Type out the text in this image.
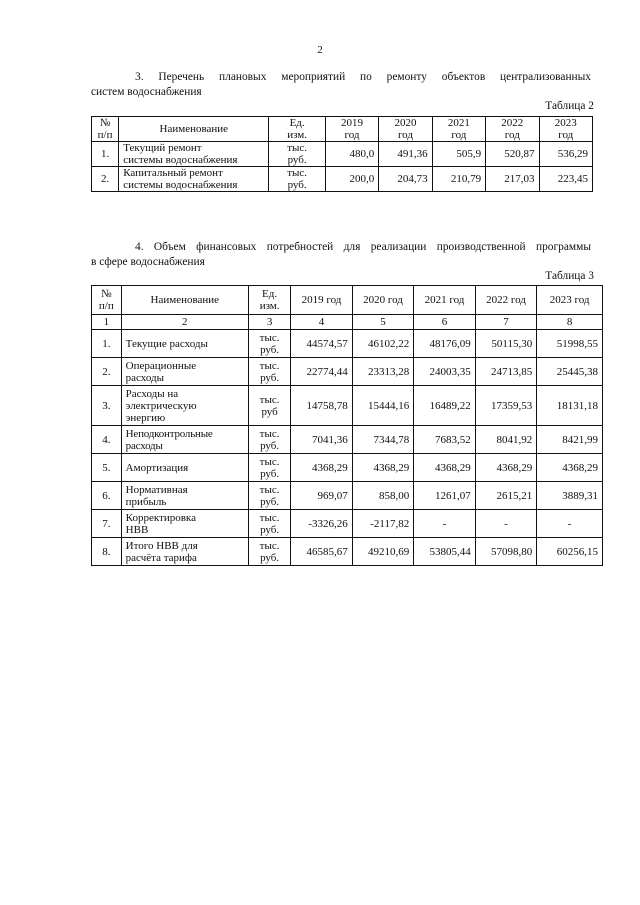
2
3. Перечень плановых мероприятий по ремонту объектов централизованных
систем водоснабжения
Таблица 2
№
п/п	Наименование	Ед.
изм.	2019
год	2020
год	2021
год	2022
год	2023
год
1.	Текущий ремонт
системы водоснабжения	тыс.
руб.	480,0	491,36	505,9	520,87	536,29
2.	Капитальный ремонт
системы водоснабжения	тыс.
руб.	200,0	204,73	210,79	217,03	223,45
4. Объем финансовых потребностей для реализации производственной программы
в сфере водоснабжения
Таблица 3
№
п/п	Наименование	Ед.
изм.	2019 год	2020 год	2021 год	2022 год	2023 год
1	2	3	4	5	6	7	8
1.	Текущие расходы	тыс.
руб.	44574,57	46102,22	48176,09	50115,30	51998,55
2.	Операционные
расходы	тыс.
руб.	22774,44	23313,28	24003,35	24713,85	25445,38
3.	Расходы на
электрическую
энергию	тыс.
руб	14758,78	15444,16	16489,22	17359,53	18131,18
4.	Неподконтрольные
расходы	тыс.
руб.	7041,36	7344,78	7683,52	8041,92	8421,99
5.	Амортизация	тыс.
руб.	4368,29	4368,29	4368,29	4368,29	4368,29
6.	Нормативная
прибыль	тыс.
руб.	969,07	858,00	1261,07	2615,21	3889,31
7.	Корректировка
НВВ	тыс.
руб.	-3326,26	-2117,82	-	-	-
8.	Итого НВВ для
расчёта тарифа	тыс.
руб.	46585,67	49210,69	53805,44	57098,80	60256,15
